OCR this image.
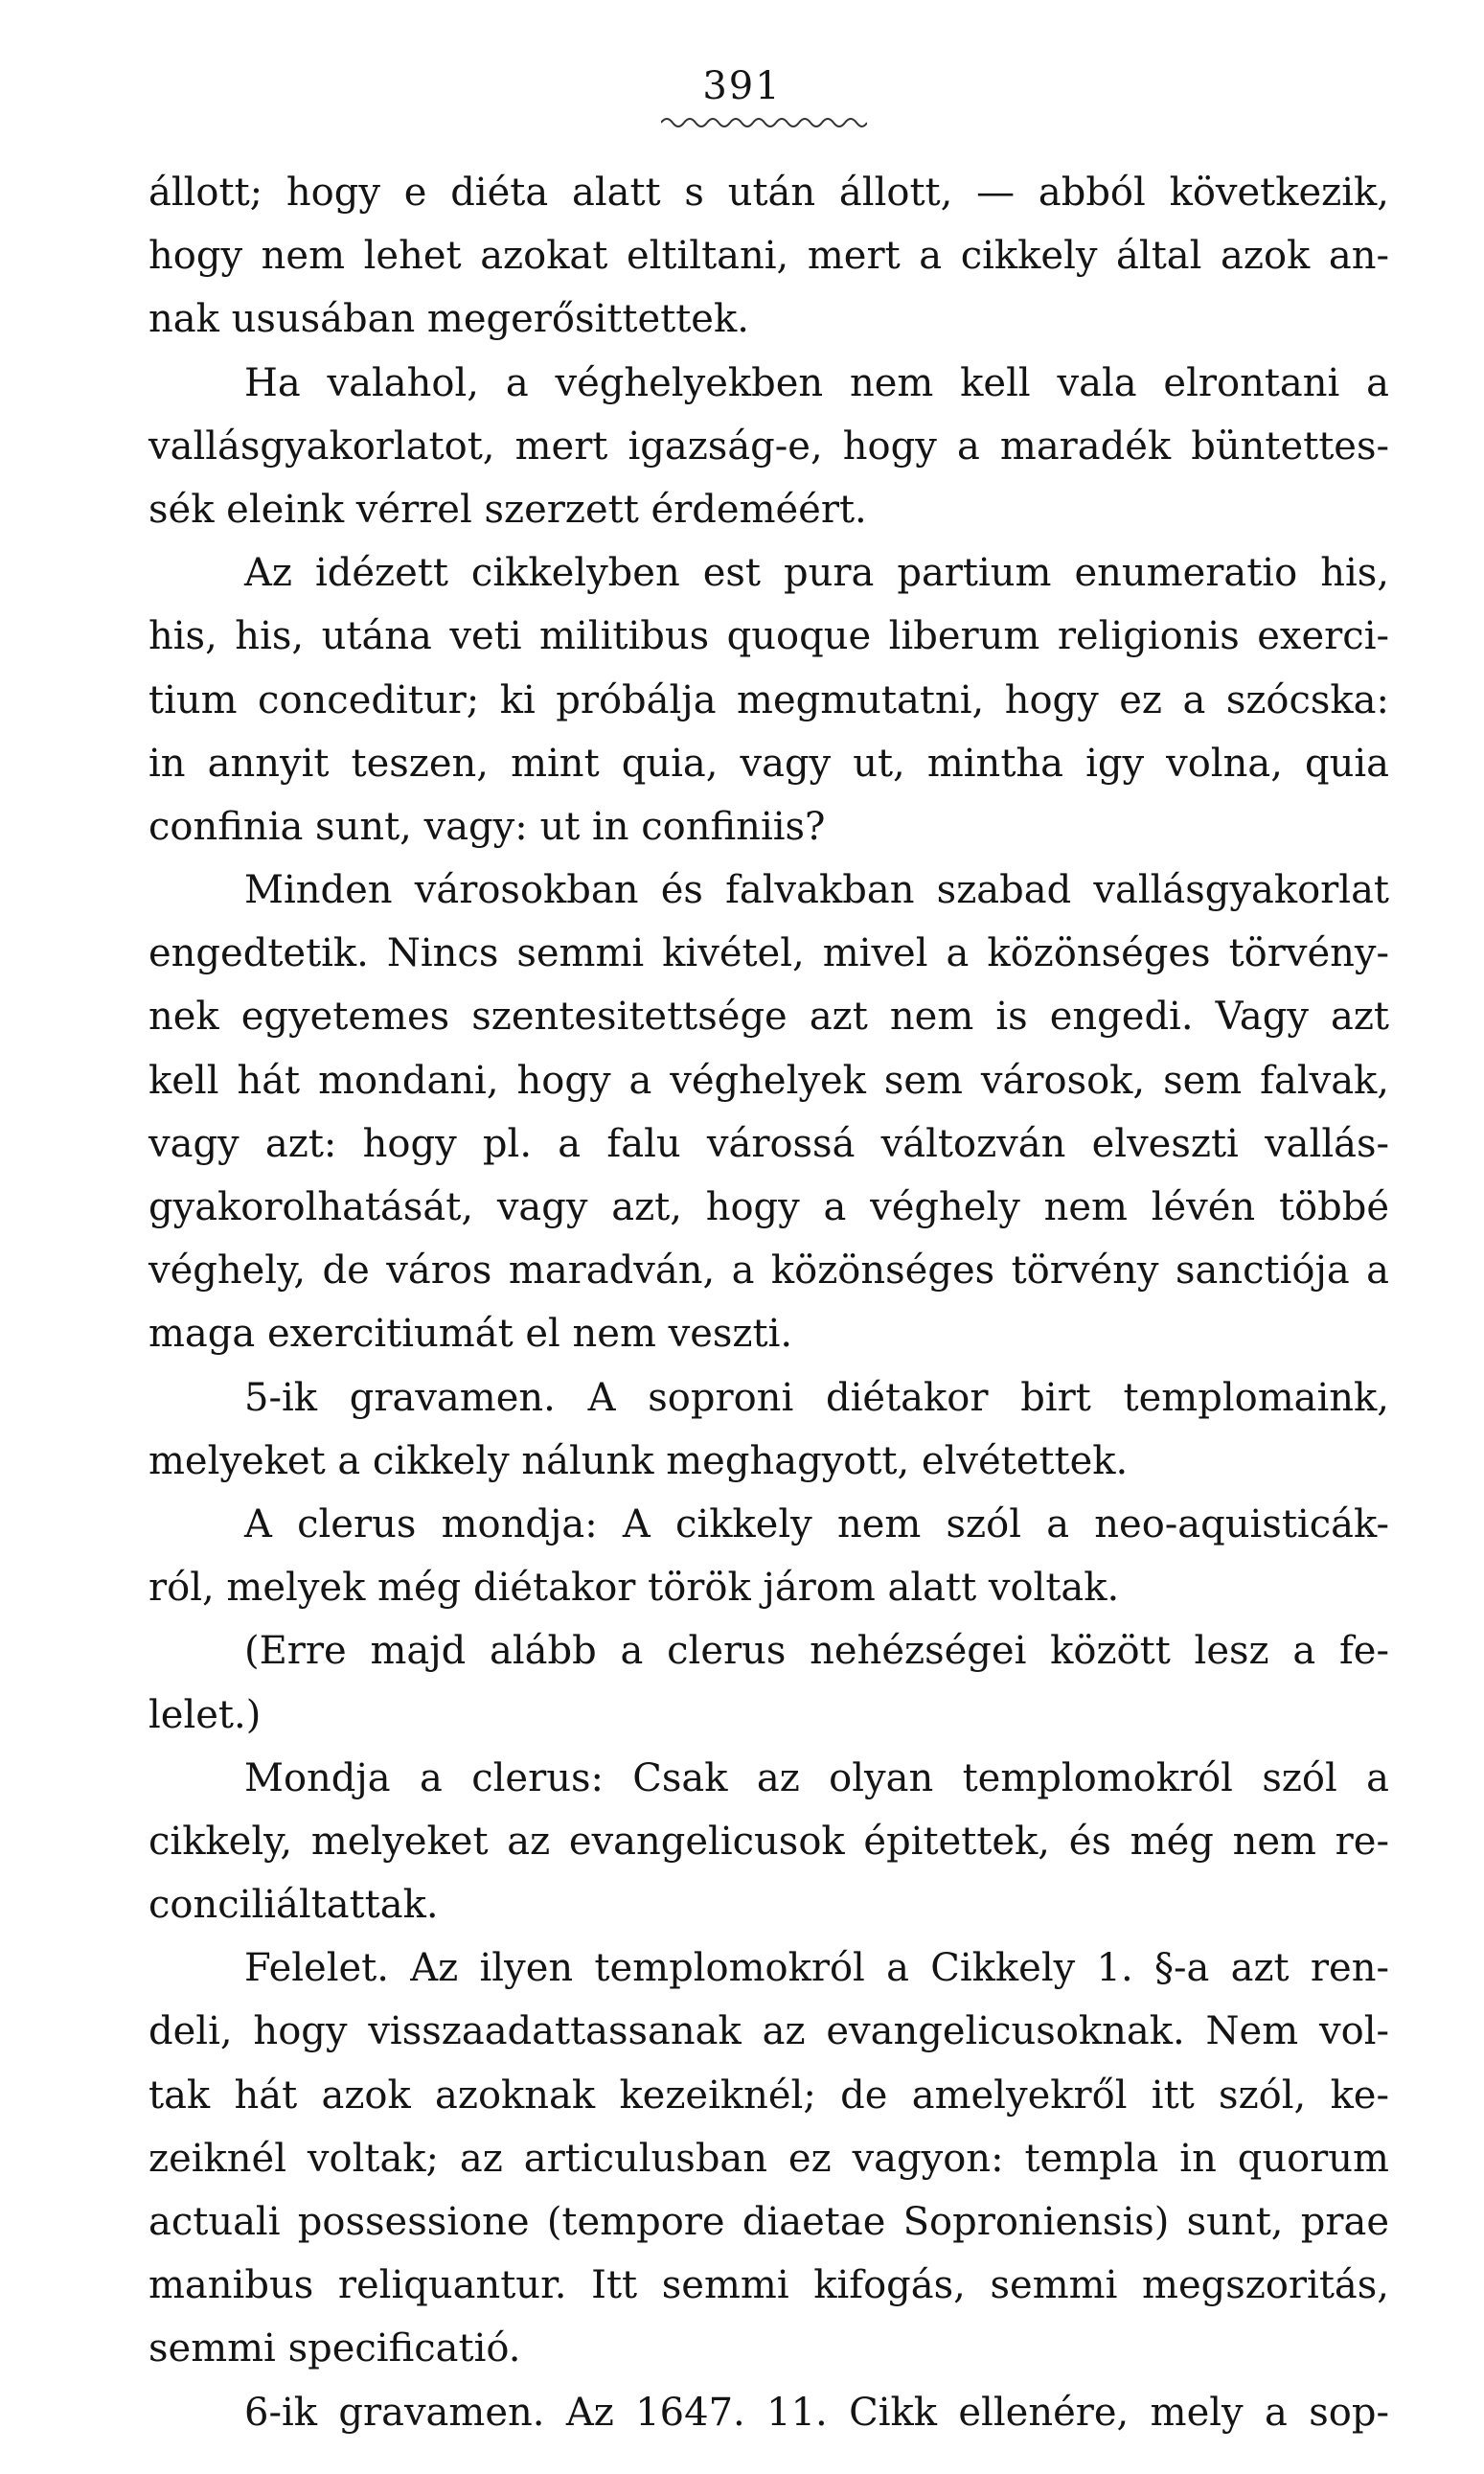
391
állott; hogy e diéta alatt s után állott, — abból következik,
hogy nem lehet azokat eltiltani, mert a cikkely által azok an-
nak ususában megerősittettek.
Ha valahol, a véghelyekben nem kell vala elrontani a
vallásgyakorlatot, mert igazság-e, hogy a maradék büntettes-
sék eleink vérrel szerzett érdeméért.
Az idézett cikkelyben est pura partium enumeratio his,
his, his, utána veti militibus quoque liberum religionis exerci-
tium conceditur; ki próbálja megmutatni, hogy ez a szócska:
in annyit teszen, mint quia, vagy ut, mintha igy volna, quia
confinia sunt, vagy: ut in confiniis?
Minden városokban és falvakban szabad vallásgyakorlat
engedtetik. Nincs semmi kivétel, mivel a közönséges törvény-
nek egyetemes szentesitettsége azt nem is engedi. Vagy azt
kell hát mondani, hogy a véghelyek sem városok, sem falvak,
vagy azt: hogy pl. a falu várossá változván elveszti vallás-
gyakorolhatását, vagy azt, hogy a véghely nem lévén többé
véghely, de város maradván, a közönséges törvény sanctiója a
maga exercitiumát el nem veszti.
5-ik gravamen. A soproni diétakor birt templomaink,
melyeket a cikkely nálunk meghagyott, elvétettek.
A clerus mondja: A cikkely nem szól a neo-aquisticák-
ról, melyek még diétakor török járom alatt voltak.
(Erre majd alább a clerus nehézségei között lesz a fe-
lelet.)
Mondja a clerus: Csak az olyan templomokról szól a
cikkely, melyeket az evangelicusok épitettek, és még nem re-
conciliáltattak.
Felelet. Az ilyen templomokról a Cikkely 1. §-a azt ren-
deli, hogy visszaadattassanak az evangelicusoknak. Nem vol-
tak hát azok azoknak kezeiknél; de amelyekről itt szól, ke-
zeiknél voltak; az articulusban ez vagyon: templa in quorum
actuali possessione (tempore diaetae Soproniensis) sunt, prae
manibus reliquantur. Itt semmi kifogás, semmi megszoritás,
semmi specificatió.
6-ik gravamen. Az 1647. 11. Cikk ellenére, mely a sop-
